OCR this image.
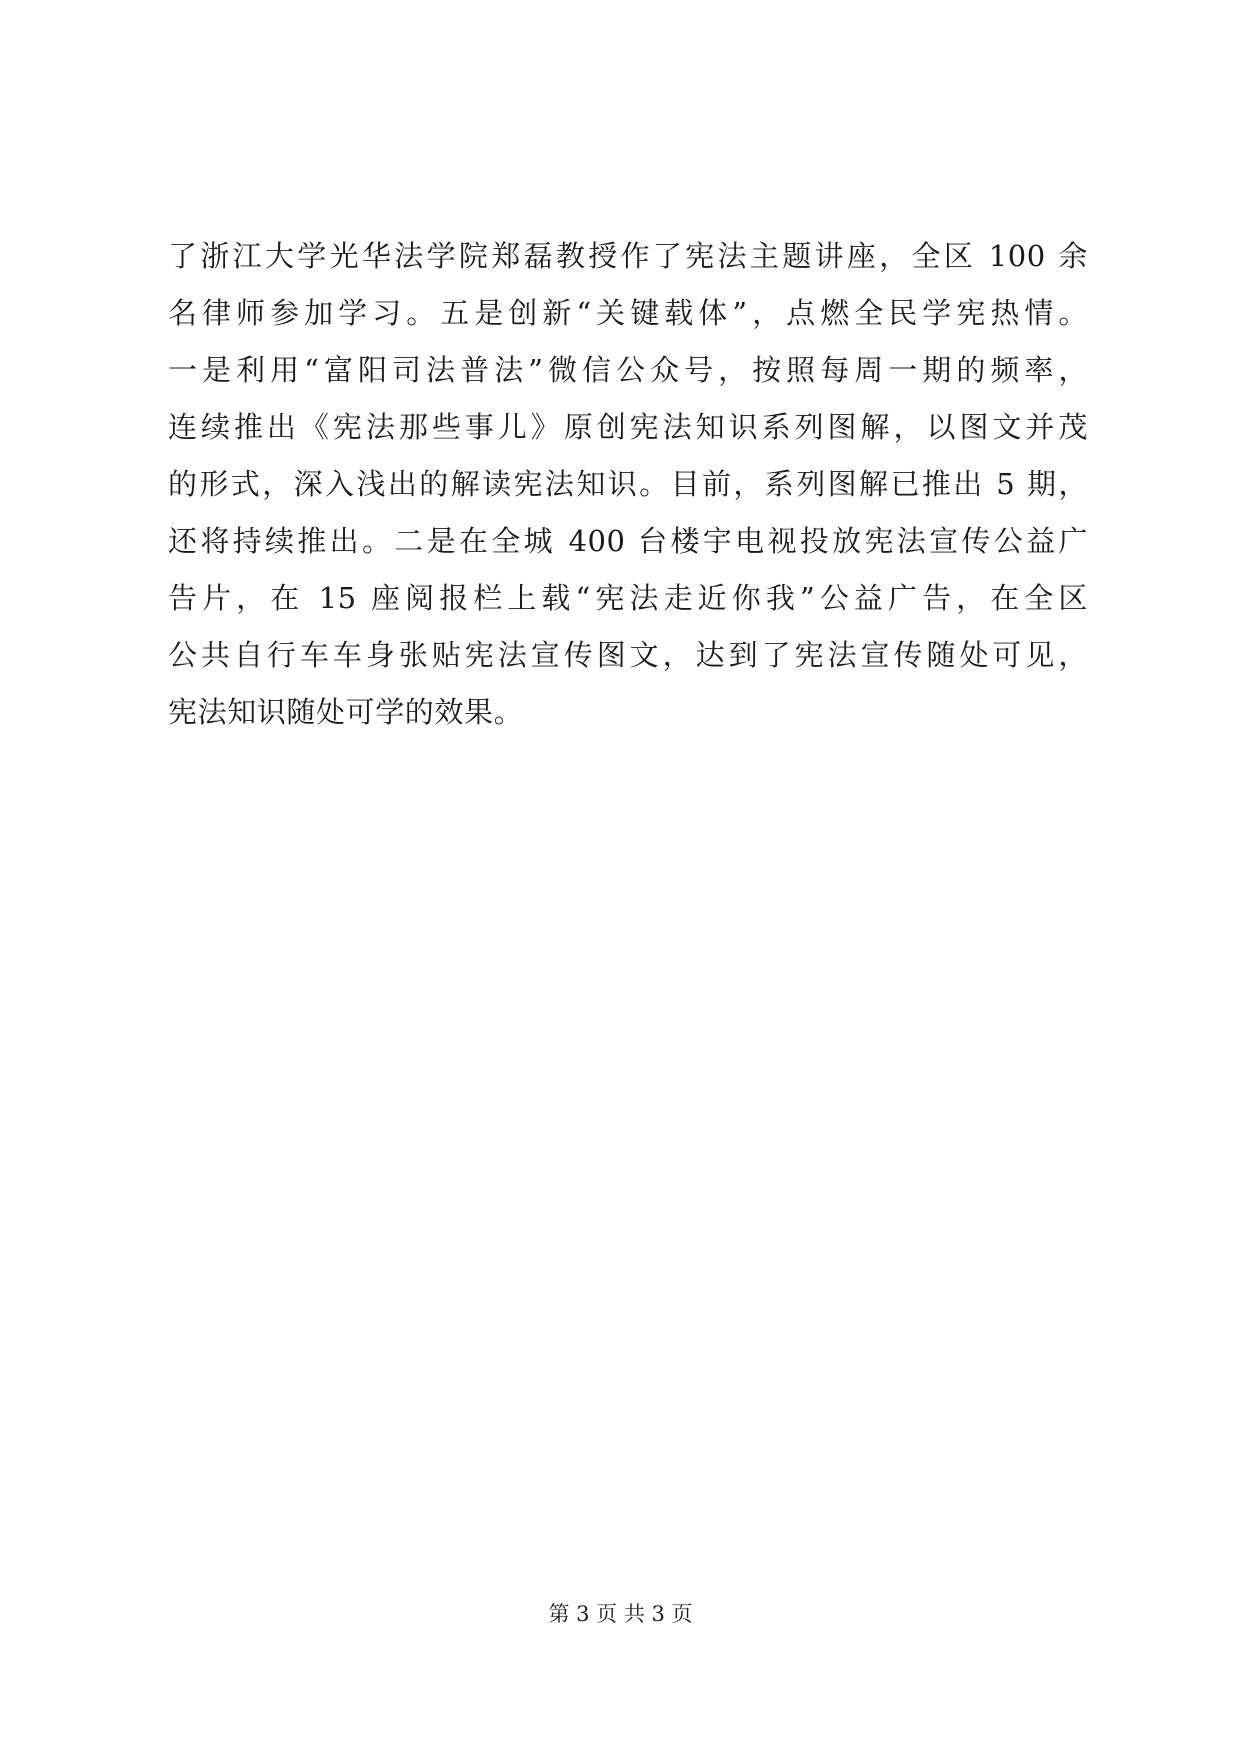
了浙江大学光华法学院郑磊教授作了宪法主题讲座，全区 100 余
名律师参加学习。五是创新“关键载体”，点燃全民学宪热情。
一是利用“富阳司法普法”微信公众号，按照每周一期的频率，
连续推出《宪法那些事儿》原创宪法知识系列图解，以图文并茂
的形式，深入浅出的解读宪法知识。目前，系列图解已推出 5 期，
还将持续推出。二是在全城 400 台楼宇电视投放宪法宣传公益广
告片，在 15 座阅报栏上载“宪法走近你我”公益广告，在全区
公共自行车车身张贴宪法宣传图文，达到了宪法宣传随处可见，
宪法知识随处可学的效果。
第 3 页 共 3 页
